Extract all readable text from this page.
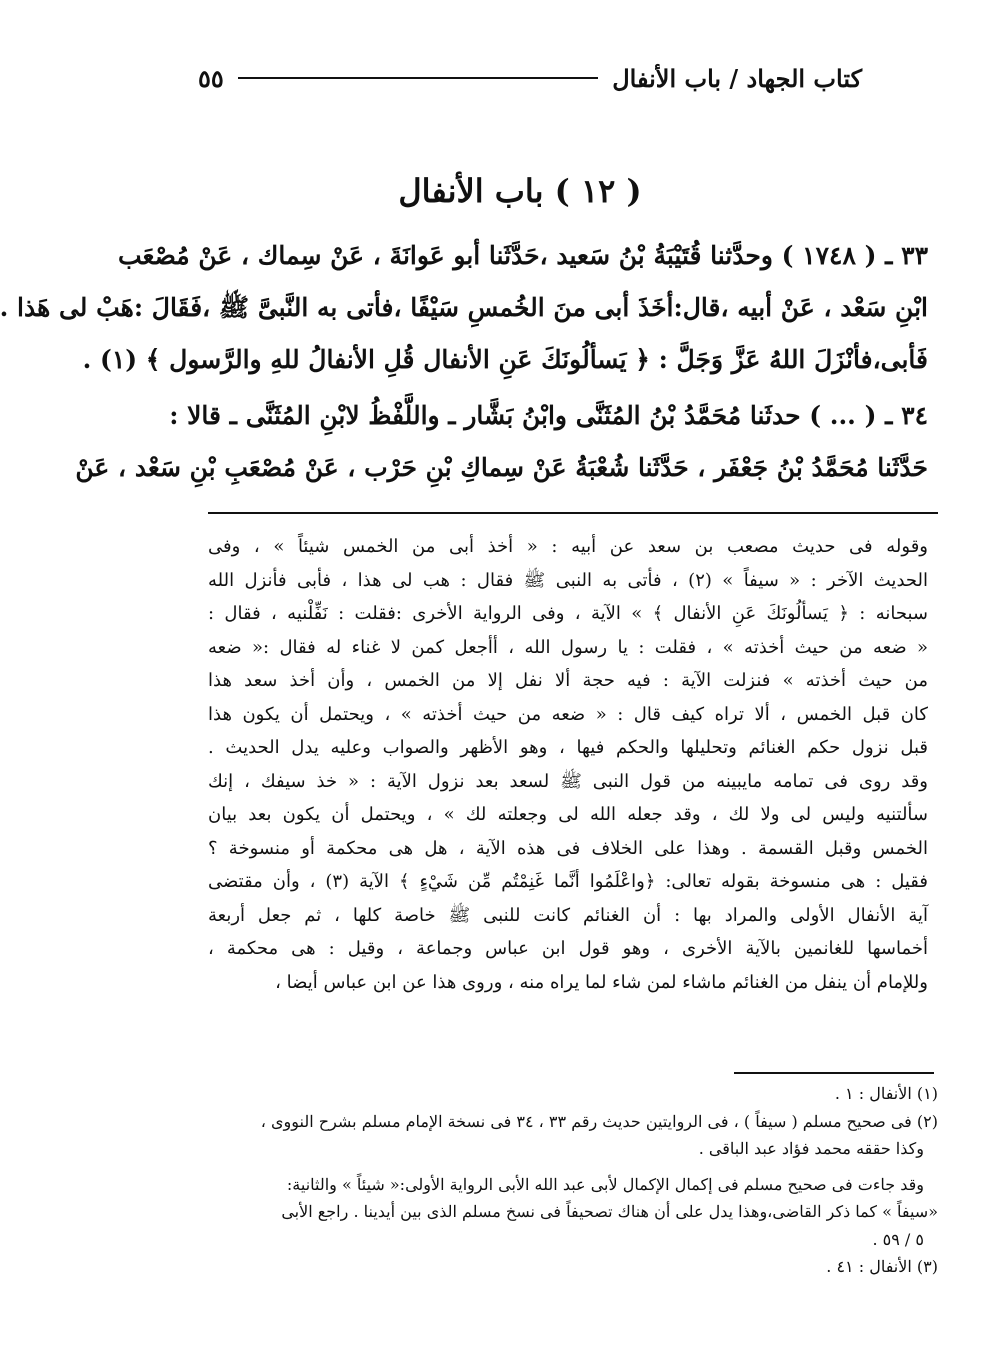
كتاب الجهاد / باب الأنفال
٥٥
( ١٢ ) باب الأنفال
٣٣ ـ ( ١٧٤٨ ) وحدَّثنا قُتَيْبَةُ بْنُ سَعيد ،حَدَّثَنا أبو عَوانَةَ ، عَنْ سِماك ، عَنْ مُصْعَب
ابْنِ سَعْد ، عَنْ أبيه ،قال:أخَذَ أبى منَ الخُمسِ سَيْفًا ،فأتى به النَّبىَّ ﷺ ،فَقَالَ :هَبْ لى هَذا .
فَأبى،فأنْزَلَ اللهُ عَزَّ وَجَلَّ : ﴿ يَسألُونَكَ عَنِ الأنفال قُلِ الأنفالُ للهِ والرَّسول ﴾ (١) .
٣٤ ـ ( ... ) حدثَنا مُحَمَّدُ بْنُ المُثَنَّى وابْنُ بَشَّار ـ واللَّفْظُ لابْنِ المُثَنَّى ـ قالا :
حَدَّثَنا مُحَمَّدُ بْنُ جَعْفَر ، حَدَّثَنا شُعْبَةُ عَنْ سِماكِ بْنِ حَرْب ، عَنْ مُصْعَبِ بْنِ سَعْد ، عَنْ
وقوله فى حديث مصعب بن سعد عن أبيه : « أخذ أبى من الخمس شيئاً » ، وفى
الحديث الآخر : « سيفاً » (٢) ، فأتى به النبى ﷺ فقال : هب لى هذا ، فأبى فأنزل الله
سبحانه : ﴿ يَسألُونَكَ عَنِ الأنفال ﴾ » الآية ، وفى الرواية الأخرى :فقلت : نَفِّلْنيه ، فقال :
« ضعه من حيث أخذته » ، فقلت : يا رسول الله ، أأجعل كمن لا غناء له فقال :« ضعه
من حيث أخذته » فنزلت الآية : فيه حجة ألا نفل إلا من الخمس ، وأن أخذ سعد هذا
كان قبل الخمس ، ألا تراه كيف قال : « ضعه من حيث أخذته » ، ويحتمل أن يكون هذا
قبل نزول حكم الغنائم وتحليلها والحكم فيها ، وهو الأظهر والصواب وعليه يدل الحديث .
وقد روى فى تمامه مايبينه من قول النبى ﷺ لسعد بعد نزول الآية : « خذ سيفك ، إنك
سألتنيه وليس لى ولا لك ، وقد جعله الله لى وجعلته لك » ، ويحتمل أن يكون بعد بيان
الخمس وقبل القسمة . وهذا على الخلاف فى هذه الآية ، هل هى محكمة أو منسوخة ؟
فقيل : هى منسوخة بقوله تعالى: ﴿واعْلَمُوا أنَّما غَنِمْتُم مِّن شَيْءٍ ﴾ الآية (٣) ، وأن مقتضى
آية الأنفال الأولى والمراد بها : أن الغنائم كانت للنبى ﷺ خاصة كلها ، ثم جعل أربعة
أخماسها للغانمين بالآية الأخرى ، وهو قول ابن عباس وجماعة ، وقيل : هى محكمة ،
وللإمام أن ينفل من الغنائم ماشاء لمن شاء لما يراه منه ، وروى هذا عن ابن عباس أيضا ،
(١) الأنفال : ١ .
(٢) فى صحيح مسلم ( سيفاً ) ، فى الروايتين حديث رقم ٣٣ ، ٣٤ فى نسخة الإمام مسلم بشرح النووى ،
وكذا حققه محمد فؤاد عبد الباقى .
وقد جاءت فى صحيح مسلم فى إكمال الإكمال لأبى عبد الله الأبى الرواية الأولى:« شيئاً » والثانية:
«سيفاً » كما ذكر القاضى،وهذا يدل على أن هناك تصحيفاً فى نسخ مسلم الذى بين أيدينا . راجع الأبى
٥ / ٥٩ .
(٣) الأنفال : ٤١ .
